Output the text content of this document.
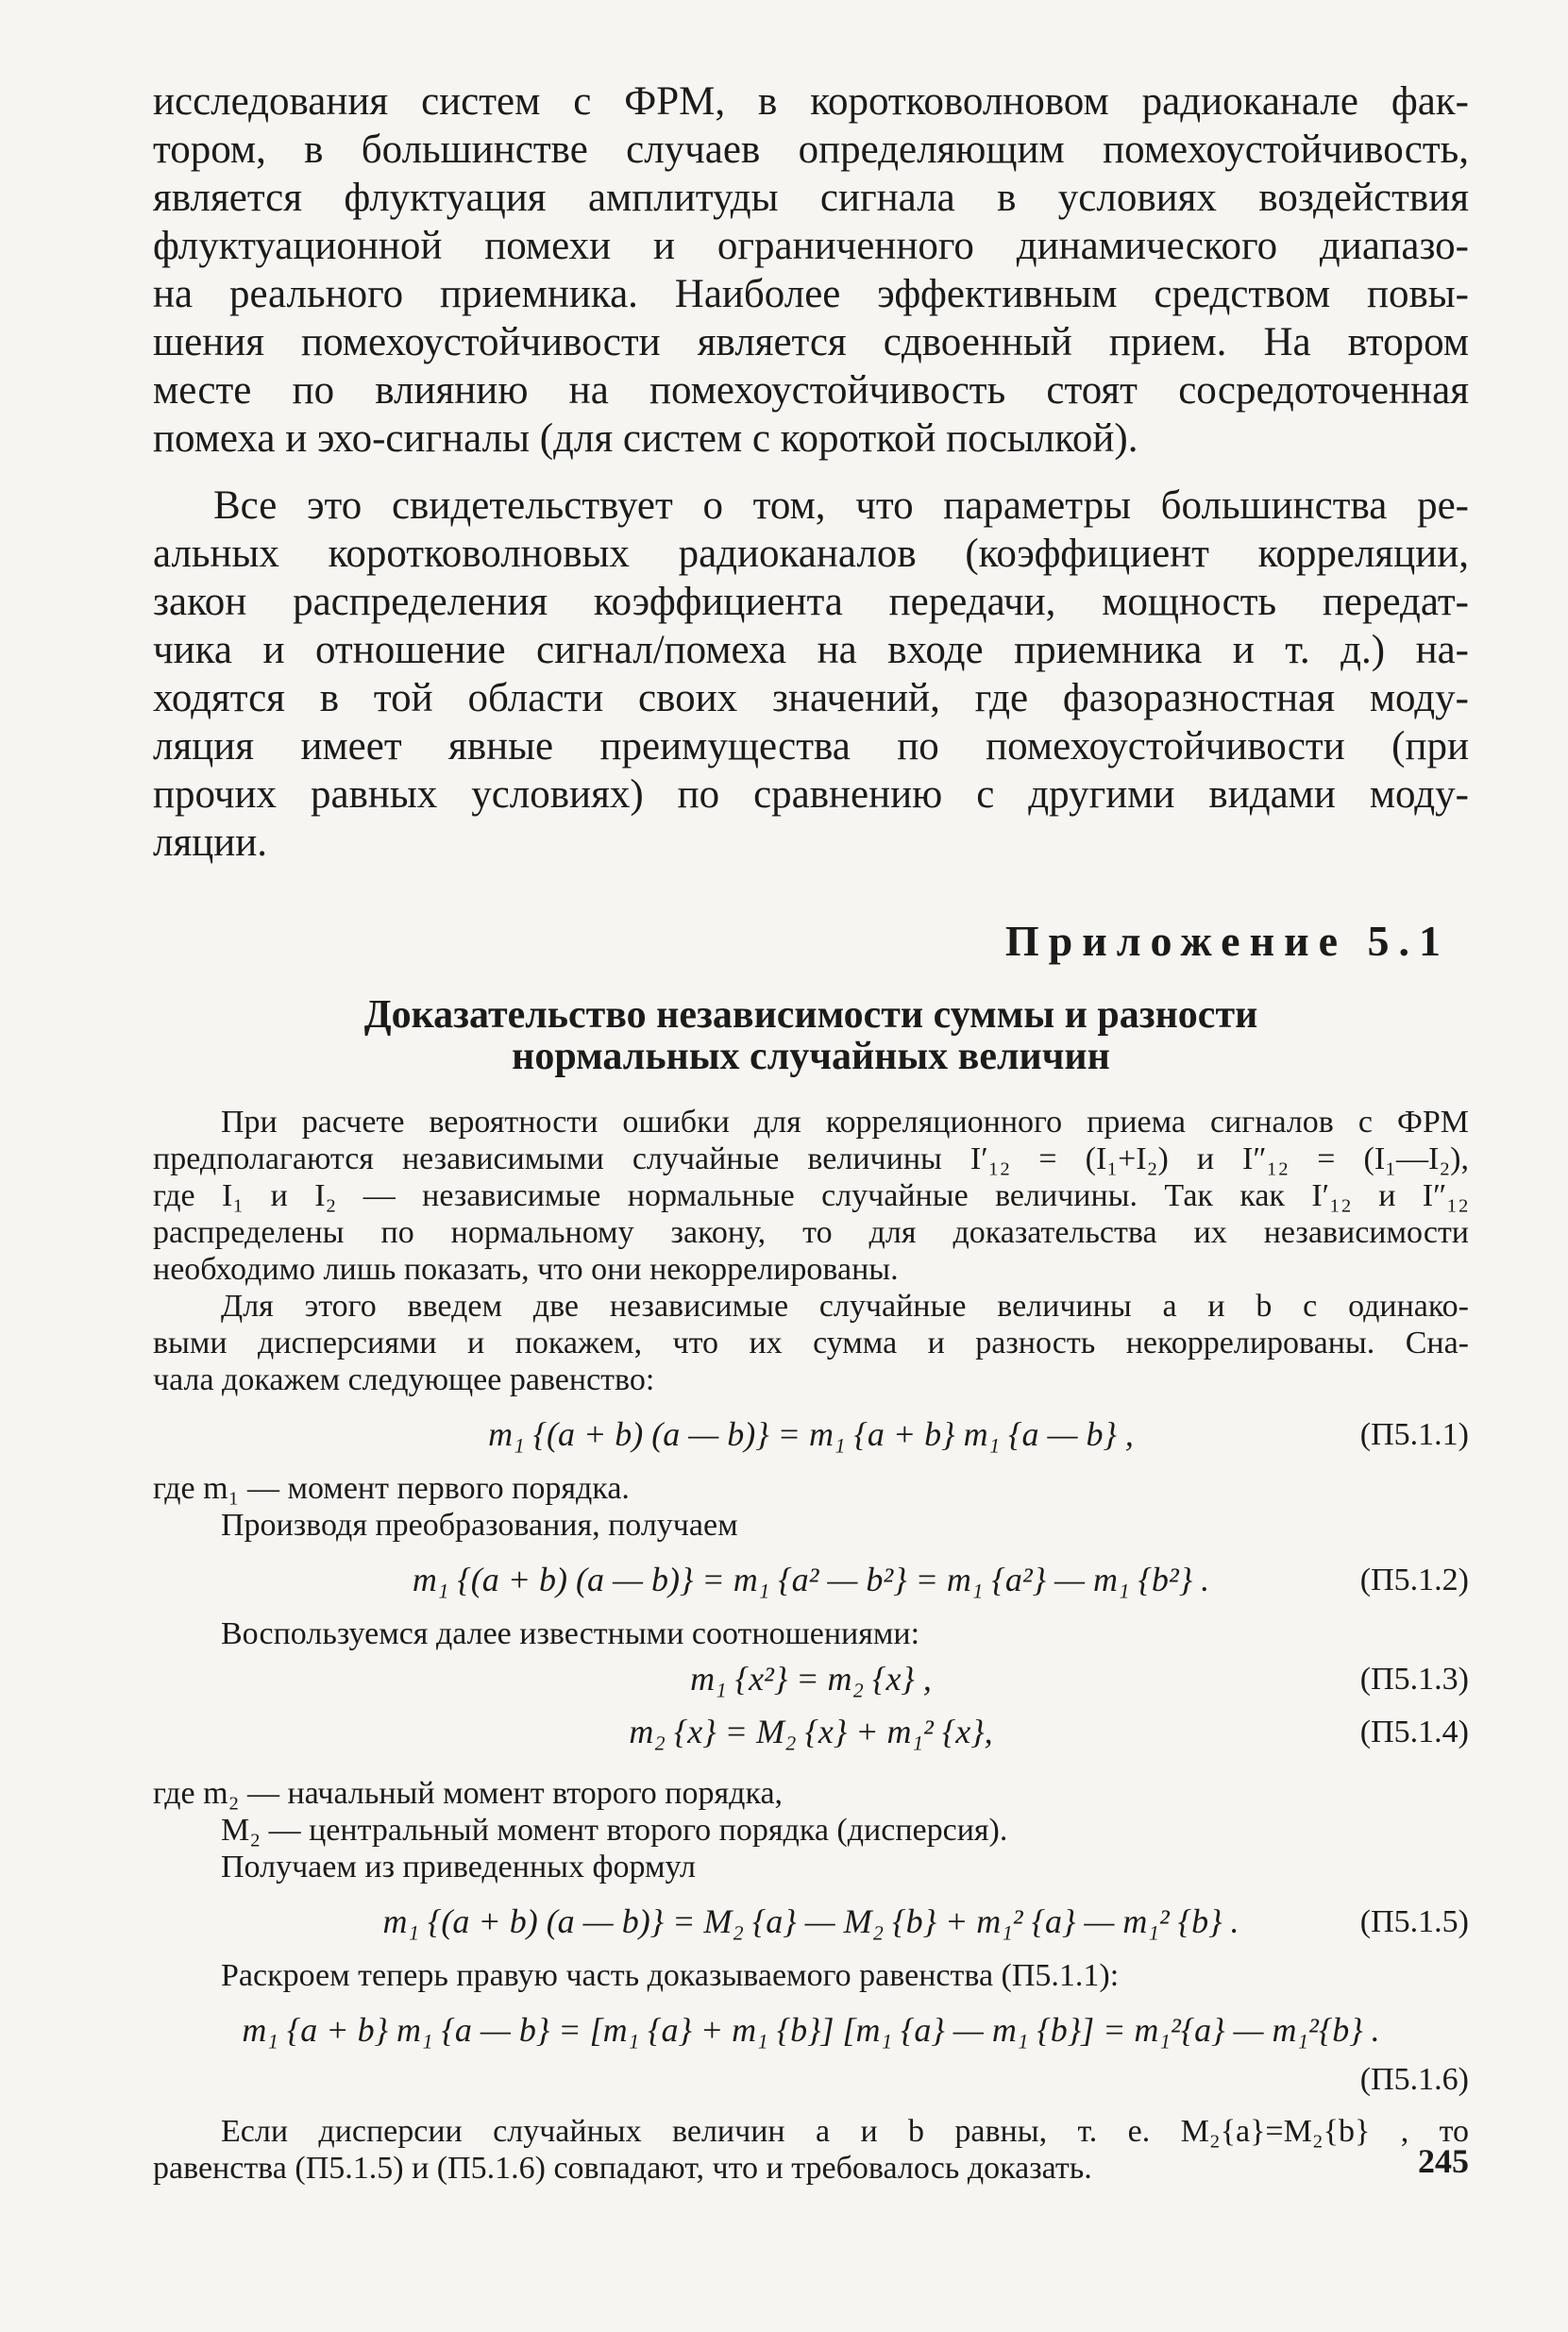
исследования систем с ФРМ, в коротковолновом радиоканале фак-
тором, в большинстве случаев определяющим помехоустойчивость,
является флуктуация амплитуды сигнала в условиях воздействия
флуктуационной помехи и ограниченного динамического диапазо-
на реального приемника. Наиболее эффективным средством повы-
шения помехоустойчивости является сдвоенный прием. На втором
месте по влиянию на помехоустойчивость стоят сосредоточенная
помеха и эхо-сигналы (для систем с короткой посылкой).
Все это свидетельствует о том, что параметры большинства ре-
альных коротковолновых радиоканалов (коэффициент корреляции,
закон распределения коэффициента передачи, мощность передат-
чика и отношение сигнал/помеха на входе приемника и т. д.) на-
ходятся в той области своих значений, где фазоразностная моду-
ляция имеет явные преимущества по помехоустойчивости (при
прочих равных условиях) по сравнению с другими видами моду-
ляции.
Приложение 5.1
Доказательство независимости суммы и разности
нормальных случайных величин
При расчете вероятности ошибки для корреляционного приема сигналов с ФРМ
предполагаются независимыми случайные величины I′₁₂ = (I₁+I₂) и I″₁₂ = (I₁—I₂),
где I₁ и I₂ — независимые нормальные случайные величины. Так как I′₁₂ и I″₁₂
распределены по нормальному закону, то для доказательства их независимости
необходимо лишь показать, что они некоррелированы.
Для этого введем две независимые случайные величины a и b с одинако-
выми дисперсиями и покажем, что их сумма и разность некоррелированы. Сна-
чала докажем следующее равенство:
m₁ {(a + b) (a — b)} = m₁ {a + b} m₁ {a — b} ,	(П5.1.1)
где m₁ — момент первого порядка.
Производя преобразования, получаем
m₁ {(a + b) (a — b)} = m₁ {a² — b²} = m₁ {a²} — m₁ {b²} .	(П5.1.2)
Воспользуемся далее известными соотношениями:
m₁ {x²} = m₂ {x} ,	(П5.1.3)
m₂ {x} = M₂ {x} + m₁² {x},	(П5.1.4)
где m₂ — начальный момент второго порядка,
M₂ — центральный момент второго порядка (дисперсия).
Получаем из приведенных формул
m₁ {(a + b) (a — b)} = M₂ {a} — M₂ {b} + m₁² {a} — m₁² {b} .	(П5.1.5)
Раскроем теперь правую часть доказываемого равенства (П5.1.1):
m₁ {a + b} m₁ {a — b} = [m₁ {a} + m₁ {b}] [m₁ {a} — m₁ {b}] = m₁²{a} — m₁²{b} .
(П5.1.6)
Если дисперсии случайных величин a и b равны, т. е. M₂{a}=M₂{b} , то
равенства (П5.1.5) и (П5.1.6) совпадают, что и требовалось доказать.	245
